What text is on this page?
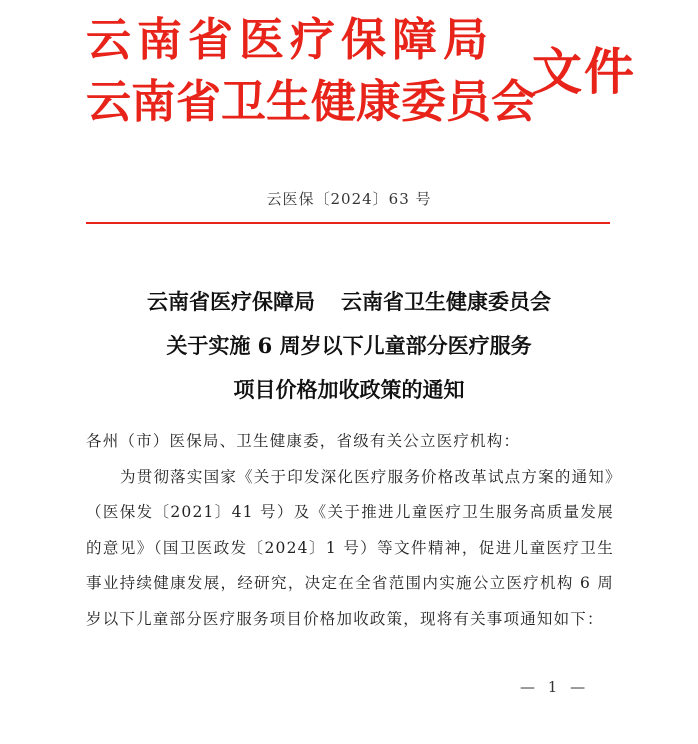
云南省医疗保障局
云南省卫生健康委员会
文件
云医保〔2024〕63 号
云南省医疗保障局 云南省卫生健康委员会
关于实施 6 周岁以下儿童部分医疗服务
项目价格加收政策的通知
各州（市）医保局、卫生健康委，省级有关公立医疗机构：
为贯彻落实国家《关于印发深化医疗服务价格改革试点方案的通知》（医保发〔2021〕41 号）及《关于推进儿童医疗卫生服务高质量发展的意见》（国卫医政发〔2024〕1 号）等文件精神，促进儿童医疗卫生事业持续健康发展，经研究，决定在全省范围内实施公立医疗机构 6 周岁以下儿童部分医疗服务项目价格加收政策，现将有关事项通知如下：
— 1 —
